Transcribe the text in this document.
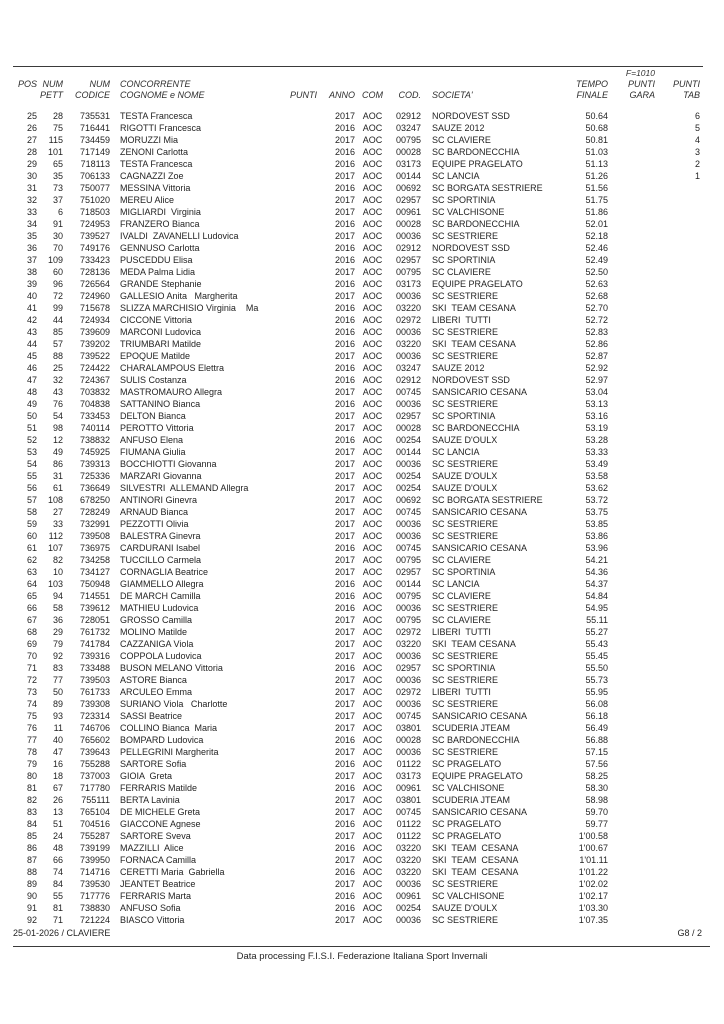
										F=1010	
POS	NUM	NUM	CONCORRENTE						TEMPO	PUNTI	PUNTI
	PETT	CODICE	COGNOME e NOME	PUNTI	ANNO	COM	COD.	SOCIETA'	FINALE	GARA	TAB

25	28	735531	TESTA Francesca		2017	AOC	02912	NORDOVEST SSD	50.64		6
26	75	716441	RIGOTTI Francesca		2016	AOC	03247	SAUZE 2012	50.68		5
27	115	734459	MORUZZI Mia		2017	AOC	00795	SC CLAVIERE	50.81		4
28	101	717149	ZENONI Carlotta		2016	AOC	00028	SC BARDONECCHIA	51.03		3
29	65	718113	TESTA Francesca		2016	AOC	03173	EQUIPE PRAGELATO	51.13		2
30	35	706133	CAGNAZZI Zoe		2017	AOC	00144	SC LANCIA	51.26		1
31	73	750077	MESSINA Vittoria		2016	AOC	00692	SC BORGATA SESTRIERE	51.56		
32	37	751020	MEREU Alice		2017	AOC	02957	SC SPORTINIA	51.75		
33	6	718503	MIGLIARDI  Virginia		2017	AOC	00961	SC VALCHISONE	51.86		
34	91	724953	FRANZERO Bianca		2016	AOC	00028	SC BARDONECCHIA	52.01		
35	30	739527	IVALDI  ZAVANELLI Ludovica		2017	AOC	00036	SC SESTRIERE	52.18		
36	70	749176	GENNUSO Carlotta		2016	AOC	02912	NORDOVEST SSD	52.46		
37	109	733423	PUSCEDDU Elisa		2016	AOC	02957	SC SPORTINIA	52.49		
38	60	728136	MEDA Palma Lidia		2017	AOC	00795	SC CLAVIERE	52.50		
39	96	726564	GRANDE Stephanie		2016	AOC	03173	EQUIPE PRAGELATO	52.63		
40	72	724960	GALLESIO Anita   Margherita		2017	AOC	00036	SC SESTRIERE	52.68		
41	99	715678	SLIZZA MARCHISIO Virginia    Ma		2016	AOC	03220	SKI  TEAM CESANA	52.70		
42	44	724934	CICCONE Vittoria		2016	AOC	02972	LIBERI  TUTTI	52.72		
43	85	739609	MARCONI Ludovica		2016	AOC	00036	SC SESTRIERE	52.83		
44	57	739202	TRIUMBARI Matilde		2016	AOC	03220	SKI  TEAM CESANA	52.86		
45	88	739522	EPOQUE Matilde		2017	AOC	00036	SC SESTRIERE	52.87		
46	25	724422	CHARALAMPOUS Elettra		2016	AOC	03247	SAUZE 2012	52.92		
47	32	724367	SULIS Costanza		2016	AOC	02912	NORDOVEST SSD	52.97		
48	43	703832	MASTROMAURO Allegra		2017	AOC	00745	SANSICARIO CESANA	53.04		
49	76	704838	SATTANINO Bianca		2016	AOC	00036	SC SESTRIERE	53.13		
50	54	733453	DELTON Bianca		2017	AOC	02957	SC SPORTINIA	53.16		
51	98	740114	PEROTTO Vittoria		2017	AOC	00028	SC BARDONECCHIA	53.19		
52	12	738832	ANFUSO Elena		2016	AOC	00254	SAUZE D'OULX	53.28		
53	49	745925	FIUMANA Giulia		2017	AOC	00144	SC LANCIA	53.33		
54	86	739313	BOCCHIOTTI Giovanna		2017	AOC	00036	SC SESTRIERE	53.49		
55	31	725336	MARZARI Giovanna		2017	AOC	00254	SAUZE D'OULX	53.58		
56	61	736649	SILVESTRI  ALLEMAND Allegra		2017	AOC	00254	SAUZE D'OULX	53.62		
57	108	678250	ANTINORI Ginevra		2017	AOC	00692	SC BORGATA SESTRIERE	53.72		
58	27	728249	ARNAUD Bianca		2017	AOC	00745	SANSICARIO CESANA	53.75		
59	33	732991	PEZZOTTI Olivia		2017	AOC	00036	SC SESTRIERE	53.85		
60	112	739508	BALESTRA Ginevra		2017	AOC	00036	SC SESTRIERE	53.86		
61	107	736975	CARDURANI Isabel		2016	AOC	00745	SANSICARIO CESANA	53.96		
62	82	734258	TUCCILLO Carmela		2017	AOC	00795	SC CLAVIERE	54.21		
63	10	734127	CORNAGLIA Beatrice		2017	AOC	02957	SC SPORTINIA	54.36		
64	103	750948	GIAMMELLO Allegra		2016	AOC	00144	SC LANCIA	54.37		
65	94	714551	DE MARCH Camilla		2016	AOC	00795	SC CLAVIERE	54.84		
66	58	739612	MATHIEU Ludovica		2016	AOC	00036	SC SESTRIERE	54.95		
67	36	728051	GROSSO Camilla		2017	AOC	00795	SC CLAVIERE	55.11		
68	29	761732	MOLINO Matilde		2017	AOC	02972	LIBERI  TUTTI	55.27		
69	79	741784	CAZZANIGA Viola		2017	AOC	03220	SKI  TEAM CESANA	55.43		
70	92	739316	COPPOLA Ludovica		2017	AOC	00036	SC SESTRIERE	55.45		
71	83	733488	BUSON MELANO Vittoria		2016	AOC	02957	SC SPORTINIA	55.50		
72	77	739503	ASTORE Bianca		2017	AOC	00036	SC SESTRIERE	55.73		
73	50	761733	ARCULEO Emma		2017	AOC	02972	LIBERI  TUTTI	55.95		
74	89	739308	SURIANO Viola   Charlotte		2017	AOC	00036	SC SESTRIERE	56.08		
75	93	723314	SASSI Beatrice		2017	AOC	00745	SANSICARIO CESANA	56.18		
76	11	746706	COLLINO Bianca  Maria		2017	AOC	03801	SCUDERIA JTEAM	56.49		
77	40	765602	BOMPARD Ludovica		2016	AOC	00028	SC BARDONECCHIA	56.88		
78	47	739643	PELLEGRINI Margherita		2017	AOC	00036	SC SESTRIERE	57.15		
79	16	755288	SARTORE Sofia		2016	AOC	01122	SC PRAGELATO	57.56		
80	18	737003	GIOIA  Greta		2017	AOC	03173	EQUIPE PRAGELATO	58.25		
81	67	717780	FERRARIS Matilde		2016	AOC	00961	SC VALCHISONE	58.30		
82	26	755111	BERTA Lavinia		2017	AOC	03801	SCUDERIA JTEAM	58.98		
83	13	765104	DE MICHELE Greta		2017	AOC	00745	SANSICARIO CESANA	59.70		
84	51	704516	GIACCONE Agnese		2016	AOC	01122	SC PRAGELATO	59.77		
85	24	755287	SARTORE Sveva		2017	AOC	01122	SC PRAGELATO	1'00.58		
86	48	739199	MAZZILLI  Alice		2016	AOC	03220	SKI  TEAM  CESANA	1'00.67		
87	66	739950	FORNACA Camilla		2017	AOC	03220	SKI  TEAM  CESANA	1'01.11		
88	74	714716	CERETTI Maria  Gabriella		2016	AOC	03220	SKI  TEAM  CESANA	1'01.22		
89	84	739530	JEANTET Beatrice		2017	AOC	00036	SC SESTRIERE	1'02.02		
90	55	717776	FERRARIS Marta		2016	AOC	00961	SC VALCHISONE	1'02.17		
91	81	738830	ANFUSO Sofia		2016	AOC	00254	SAUZE D'OULX	1'03.30		
92	71	721224	BIASCO Vittoria		2017	AOC	00036	SC SESTRIERE	1'07.35		
25-01-2026 / CLAVIERE	G8 / 2
Data processing F.I.S.I. Federazione Italiana Sport Invernali
